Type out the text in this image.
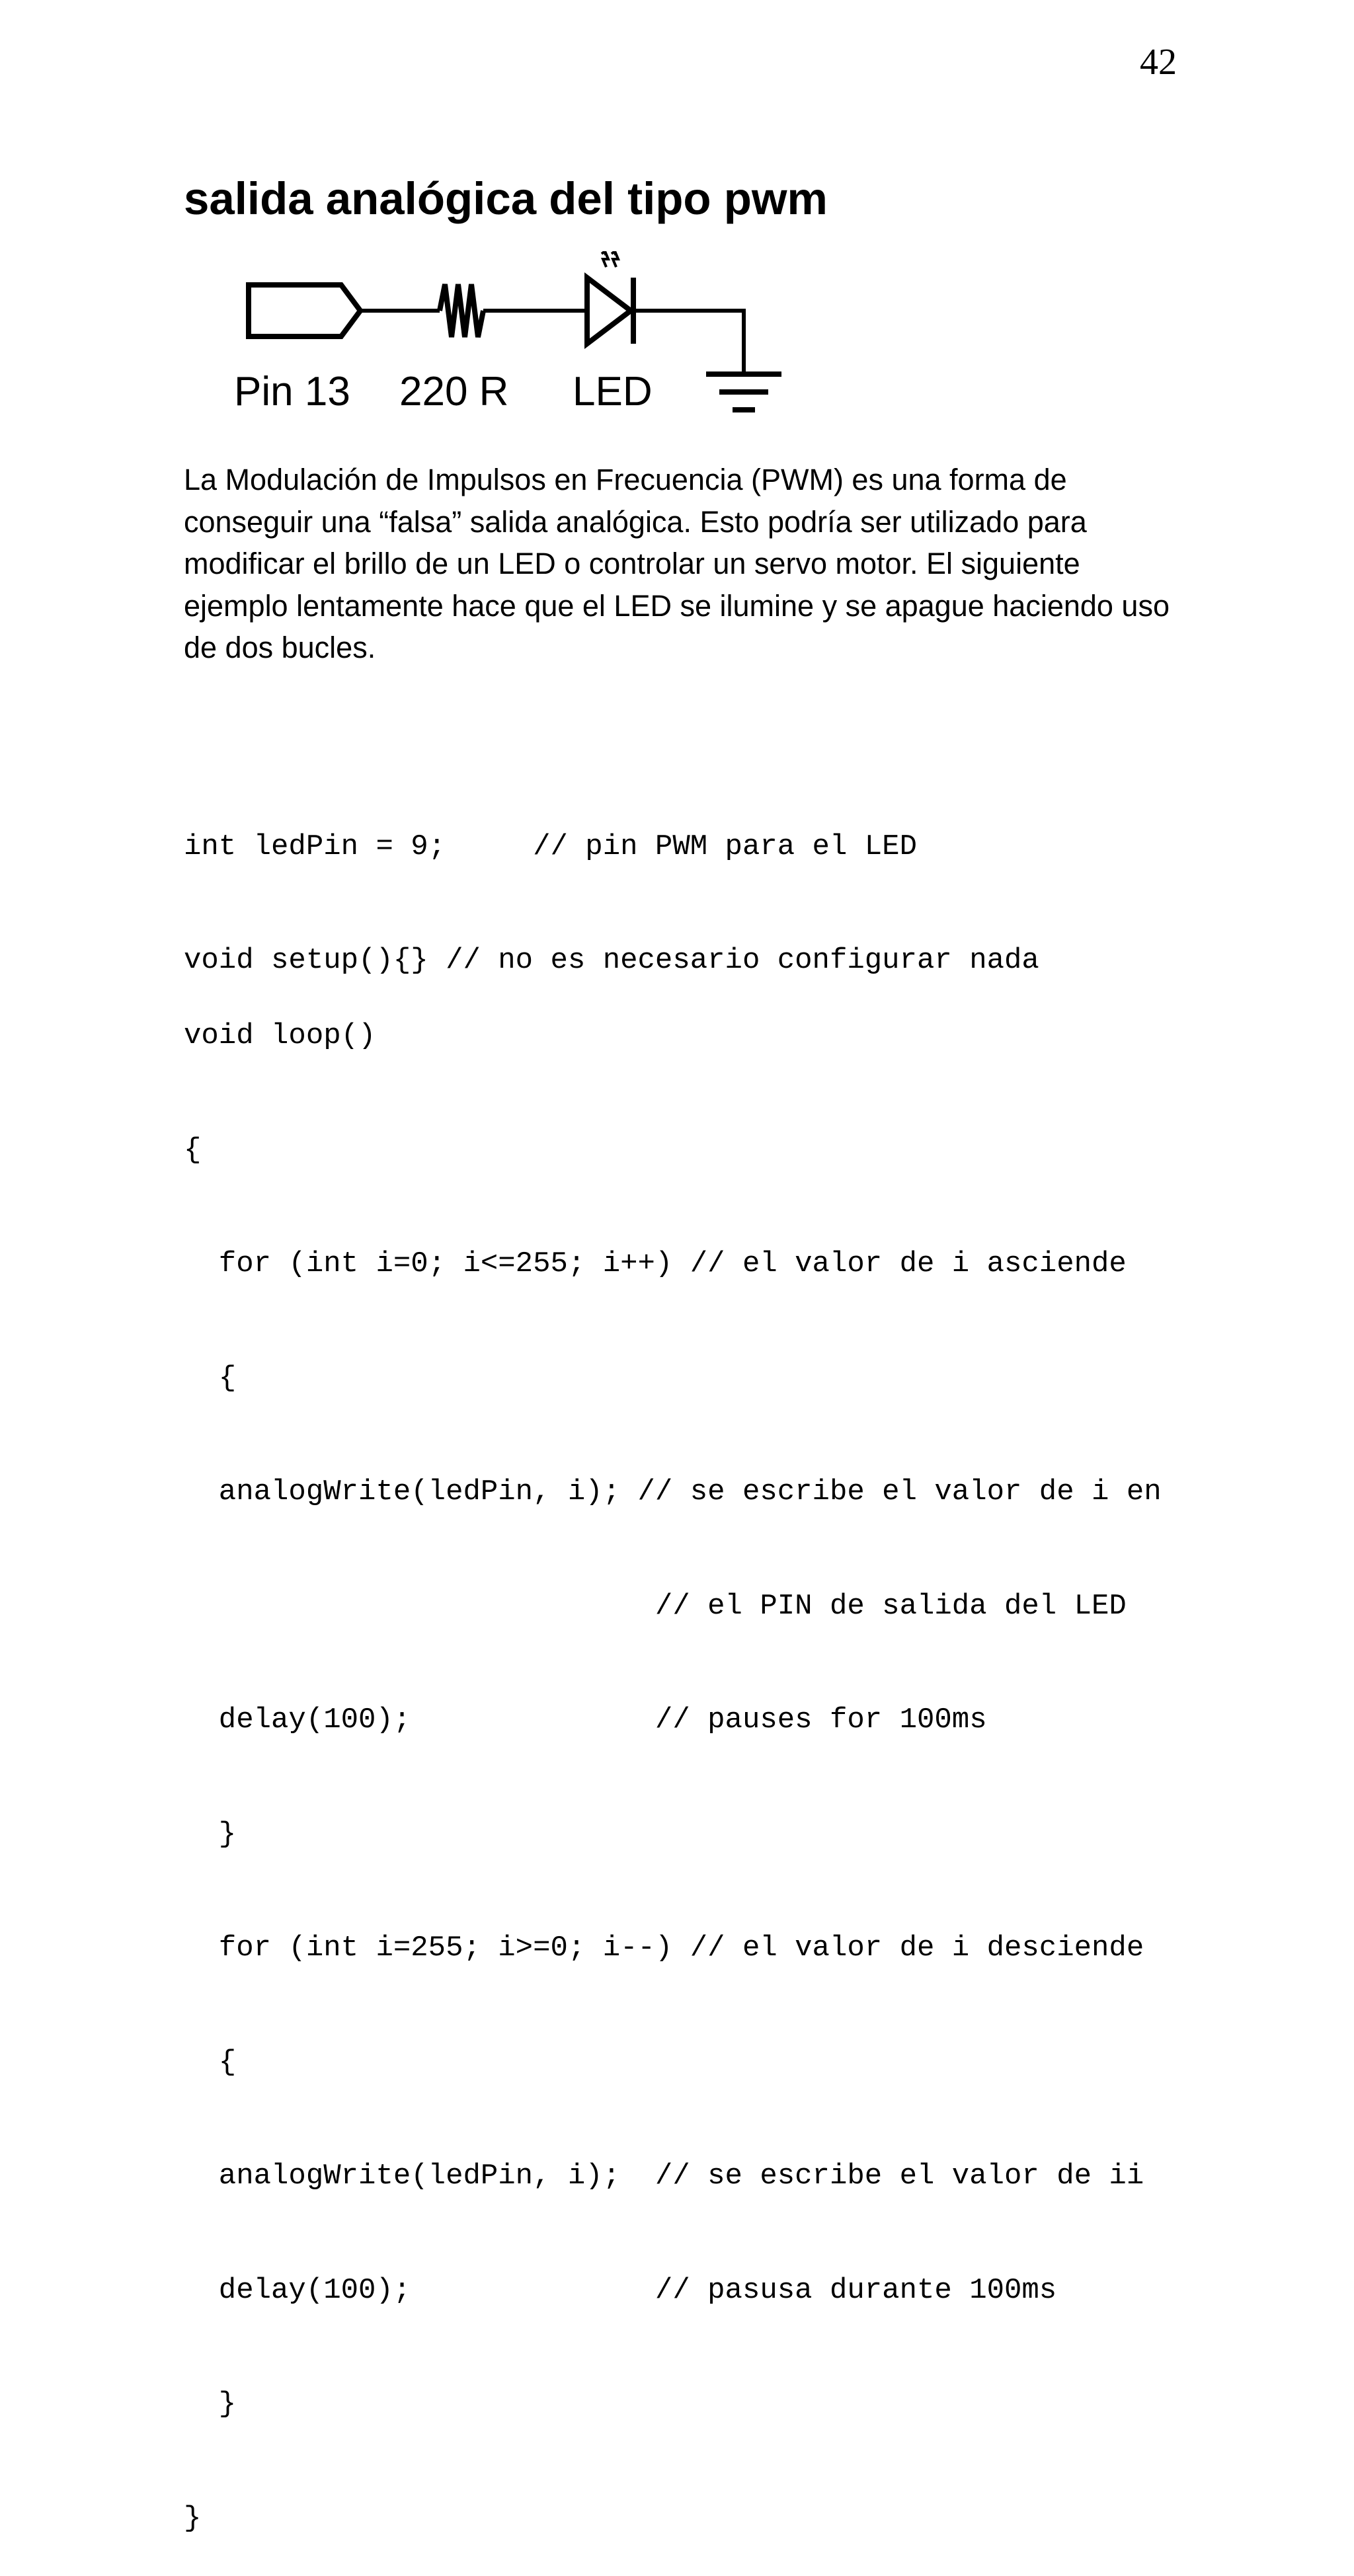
42
salida analógica del tipo pwm
Pin 13 220 R LED

La Modulación de Impulsos en Frecuencia (PWM) es una forma de conseguir una “falsa” salida analógica. Esto podría ser utilizado para modificar el brillo de un LED o controlar un servo motor. El siguiente ejemplo lentamente hace que el LED se ilumine y se apague haciendo uso de dos bucles.

int ledPin = 9;     // pin PWM para el LED

void setup(){} // no es necesario configurar nada

void loop()

{

for (int i=0; i<=255; i++) // el valor de i asciende

{

analogWrite(ledPin, i); // se escribe el valor de i en

// el PIN de salida del LED

delay(100);              // pauses for 100ms

}

for (int i=255; i>=0; i--) // el valor de i desciende

{

analogWrite(ledPin, i);  // se escribe el valor de ii

delay(100);              // pasusa durante 100ms

}

}
